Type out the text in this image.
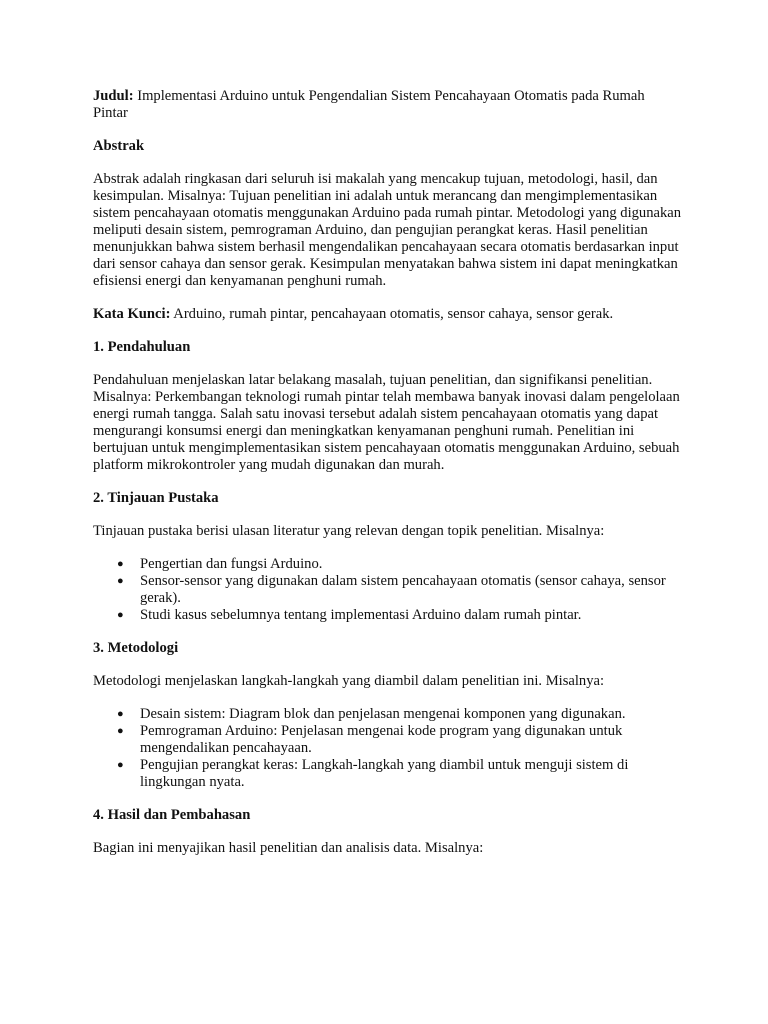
Judul: Implementasi Arduino untuk Pengendalian Sistem Pencahayaan Otomatis pada Rumah Pintar

Abstrak

Abstrak adalah ringkasan dari seluruh isi makalah yang mencakup tujuan, metodologi, hasil, dan kesimpulan. Misalnya: Tujuan penelitian ini adalah untuk merancang dan mengimplementasikan sistem pencahayaan otomatis menggunakan Arduino pada rumah pintar. Metodologi yang digunakan meliputi desain sistem, pemrograman Arduino, dan pengujian perangkat keras. Hasil penelitian menunjukkan bahwa sistem berhasil mengendalikan pencahayaan secara otomatis berdasarkan input dari sensor cahaya dan sensor gerak. Kesimpulan menyatakan bahwa sistem ini dapat meningkatkan efisiensi energi dan kenyamanan penghuni rumah.

Kata Kunci: Arduino, rumah pintar, pencahayaan otomatis, sensor cahaya, sensor gerak.

1. Pendahuluan

Pendahuluan menjelaskan latar belakang masalah, tujuan penelitian, dan signifikansi penelitian. Misalnya: Perkembangan teknologi rumah pintar telah membawa banyak inovasi dalam pengelolaan energi rumah tangga. Salah satu inovasi tersebut adalah sistem pencahayaan otomatis yang dapat mengurangi konsumsi energi dan meningkatkan kenyamanan penghuni rumah. Penelitian ini bertujuan untuk mengimplementasikan sistem pencahayaan otomatis menggunakan Arduino, sebuah platform mikrokontroler yang mudah digunakan dan murah.

2. Tinjauan Pustaka

Tinjauan pustaka berisi ulasan literatur yang relevan dengan topik penelitian. Misalnya:

● Pengertian dan fungsi Arduino.
● Sensor-sensor yang digunakan dalam sistem pencahayaan otomatis (sensor cahaya, sensor gerak).
● Studi kasus sebelumnya tentang implementasi Arduino dalam rumah pintar.
3. Metodologi

Metodologi menjelaskan langkah-langkah yang diambil dalam penelitian ini. Misalnya:

● Desain sistem: Diagram blok dan penjelasan mengenai komponen yang digunakan.
● Pemrograman Arduino: Penjelasan mengenai kode program yang digunakan untuk mengendalikan pencahayaan.
● Pengujian perangkat keras: Langkah-langkah yang diambil untuk menguji sistem di lingkungan nyata.
4. Hasil dan Pembahasan

Bagian ini menyajikan hasil penelitian dan analisis data. Misalnya:
